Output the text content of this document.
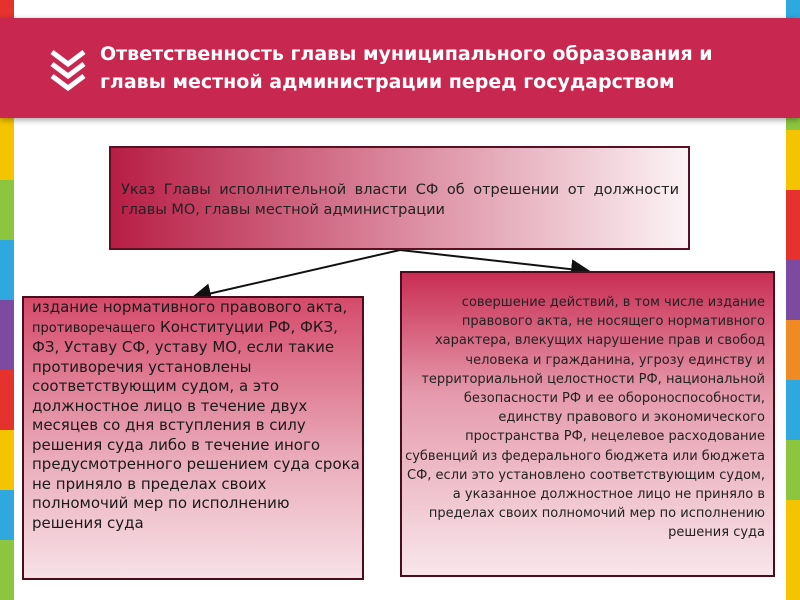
Ответственность главы муниципального образования и главы местной администрации перед государством
Указ Главы исполнительной власти СФ об отрешении от должности главы МО, главы местной администрации
издание нормативного правового акта, противоречащего Конституции РФ, ФКЗ, ФЗ, Уставу СФ, уставу МО, если такие противоречия установлены соответствующим судом, а это должностное лицо в течение двух месяцев со дня вступления в силу решения суда либо в течение иного предусмотренного решением суда срока не приняло в пределах своих полномочий мер по исполнению решения суда
совершение действий, в том числе издание правового акта, не носящего нормативного характера, влекущих нарушение прав и свобод человека и гражданина, угрозу единству и территориальной целостности РФ, национальной безопасности РФ и ее обороноспособности, единству правового и экономического пространства РФ, нецелевое расходование субвенций из федерального бюджета или бюджета СФ, если это установлено соответствующим судом, а указанное должностное лицо не приняло в пределах своих полномочий мер по исполнению решения суда
